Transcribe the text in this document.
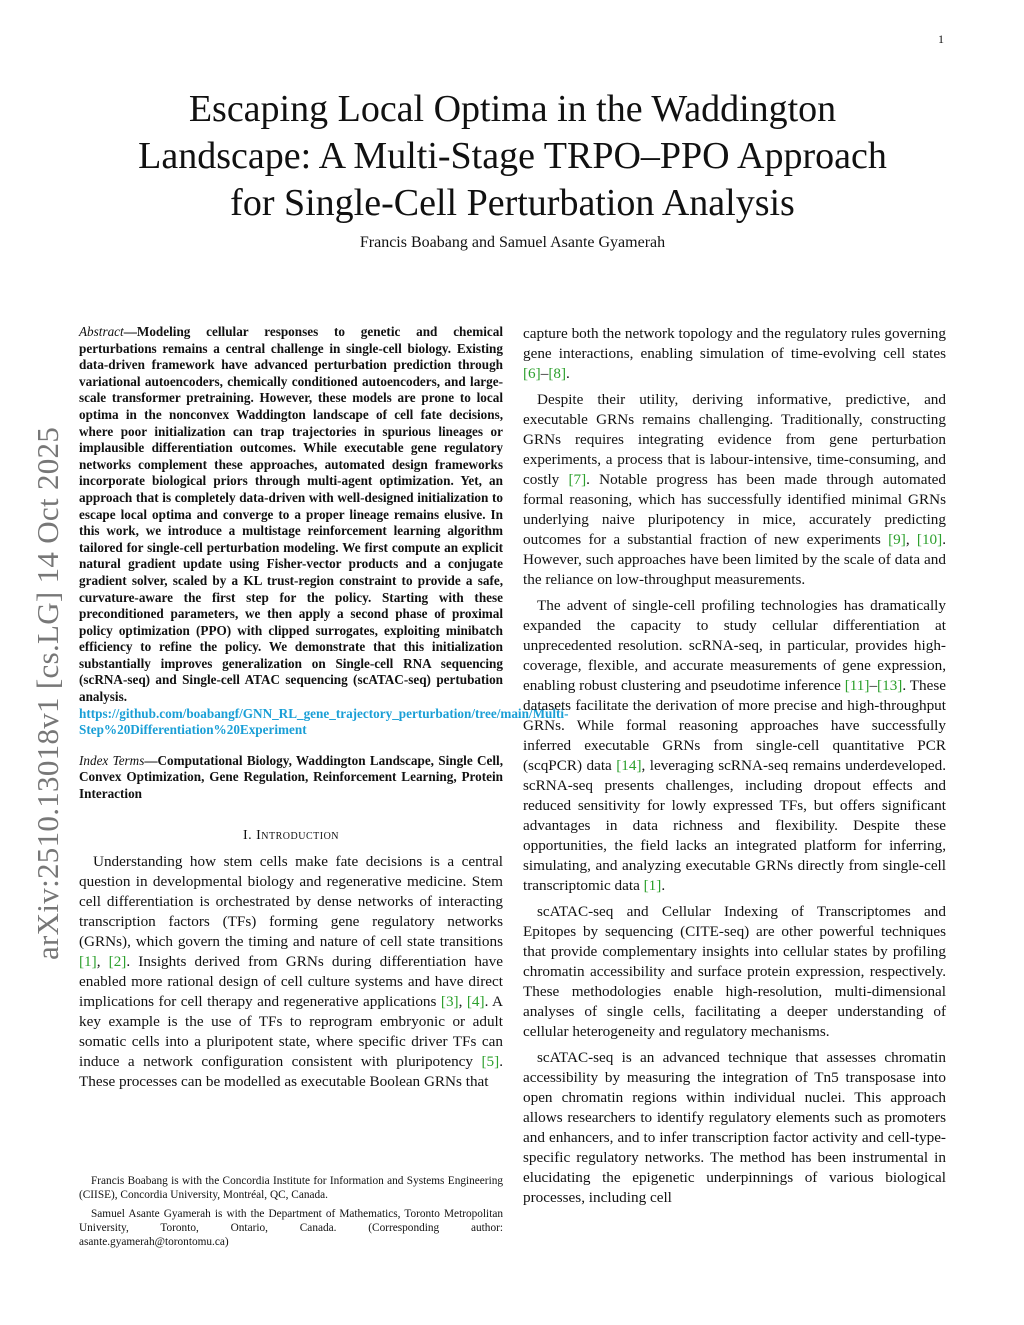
1
arXiv:2510.13018v1 [cs.LG] 14 Oct 2025
Escaping Local Optima in the Waddington
Landscape: A Multi-Stage TRPO–PPO Approach
for Single-Cell Perturbation Analysis
Francis Boabang and Samuel Asante Gyamerah

Abstract—Modeling cellular responses to genetic and chemical perturbations remains a central challenge in single-cell biology. Existing data-driven framework have advanced perturbation prediction through variational autoencoders, chemically conditioned autoencoders, and large-scale transformer pretraining. However, these models are prone to local optima in the nonconvex Waddington landscape of cell fate decisions, where poor initialization can trap trajectories in spurious lineages or implausible differentiation outcomes. While executable gene regulatory networks complement these approaches, automated design frameworks incorporate biological priors through multi-agent optimization. Yet, an approach that is completely data-driven with well-designed initialization to escape local optima and converge to a proper lineage remains elusive. In this work, we introduce a multistage reinforcement learning algorithm tailored for single-cell perturbation modeling. We first compute an explicit natural gradient update using Fisher-vector products and a conjugate gradient solver, scaled by a KL trust-region constraint to provide a safe, curvature-aware the first step for the policy. Starting with these preconditioned parameters, we then apply a second phase of proximal policy optimization (PPO) with clipped surrogates, exploiting minibatch efficiency to refine the policy. We demonstrate that this initialization substantially improves generalization on Single-cell RNA sequencing (scRNA-seq) and Single-cell ATAC sequencing (scATAC-seq) pertubation analysis. https://github.com/boabangf/GNN_RL_gene_trajectory_perturbation/tree/main/Multi-Step%20Differentiation%20Experiment

Index Terms—Computational Biology, Waddington Landscape, Single Cell, Convex Optimization, Gene Regulation, Reinforcement Learning, Protein Interaction

I. Introduction

Understanding how stem cells make fate decisions is a central question in developmental biology and regenerative medicine. Stem cell differentiation is orchestrated by dense networks of interacting transcription factors (TFs) forming gene regulatory networks (GRNs), which govern the timing and nature of cell state transitions [1], [2]. Insights derived from GRNs during differentiation have enabled more rational design of cell culture systems and have direct implications for cell therapy and regenerative applications [3], [4]. A key example is the use of TFs to reprogram embryonic or adult somatic cells into a pluripotent state, where specific driver TFs can induce a network configuration consistent with pluripotency [5]. These processes can be modelled as executable Boolean GRNs that

Francis Boabang is with the Concordia Institute for Information and Systems Engineering (CIISE), Concordia University, Montréal, QC, Canada.

Samuel Asante Gyamerah is with the Department of Mathematics, Toronto Metropolitan University, Toronto, Ontario, Canada. (Corresponding author: asante.gyamerah@torontomu.ca)

capture both the network topology and the regulatory rules governing gene interactions, enabling simulation of time-evolving cell states [6]–[8].

Despite their utility, deriving informative, predictive, and executable GRNs remains challenging. Traditionally, constructing GRNs requires integrating evidence from gene perturbation experiments, a process that is labour-intensive, time-consuming, and costly [7]. Notable progress has been made through automated formal reasoning, which has successfully identified minimal GRNs underlying naive pluripotency in mice, accurately predicting outcomes for a substantial fraction of new experiments [9], [10]. However, such approaches have been limited by the scale of data and the reliance on low-throughput measurements.

The advent of single-cell profiling technologies has dramatically expanded the capacity to study cellular differentiation at unprecedented resolution. scRNA-seq, in particular, provides high-coverage, flexible, and accurate measurements of gene expression, enabling robust clustering and pseudotime inference [11]–[13]. These datasets facilitate the derivation of more precise and high-throughput GRNs. While formal reasoning approaches have successfully inferred executable GRNs from single-cell quantitative PCR (scqPCR) data [14], leveraging scRNA-seq remains underdeveloped. scRNA-seq presents challenges, including dropout effects and reduced sensitivity for lowly expressed TFs, but offers significant advantages in data richness and flexibility. Despite these opportunities, the field lacks an integrated platform for inferring, simulating, and analyzing executable GRNs directly from single-cell transcriptomic data [1].

scATAC-seq and Cellular Indexing of Transcriptomes and Epitopes by sequencing (CITE-seq) are other powerful techniques that provide complementary insights into cellular states by profiling chromatin accessibility and surface protein expression, respectively. These methodologies enable high-resolution, multi-dimensional analyses of single cells, facilitating a deeper understanding of cellular heterogeneity and regulatory mechanisms.

scATAC-seq is an advanced technique that assesses chromatin accessibility by measuring the integration of Tn5 transposase into open chromatin regions within individual nuclei. This approach allows researchers to identify regulatory elements such as promoters and enhancers, and to infer transcription factor activity and cell-type-specific regulatory networks. The method has been instrumental in elucidating the epigenetic underpinnings of various biological processes, including cell
